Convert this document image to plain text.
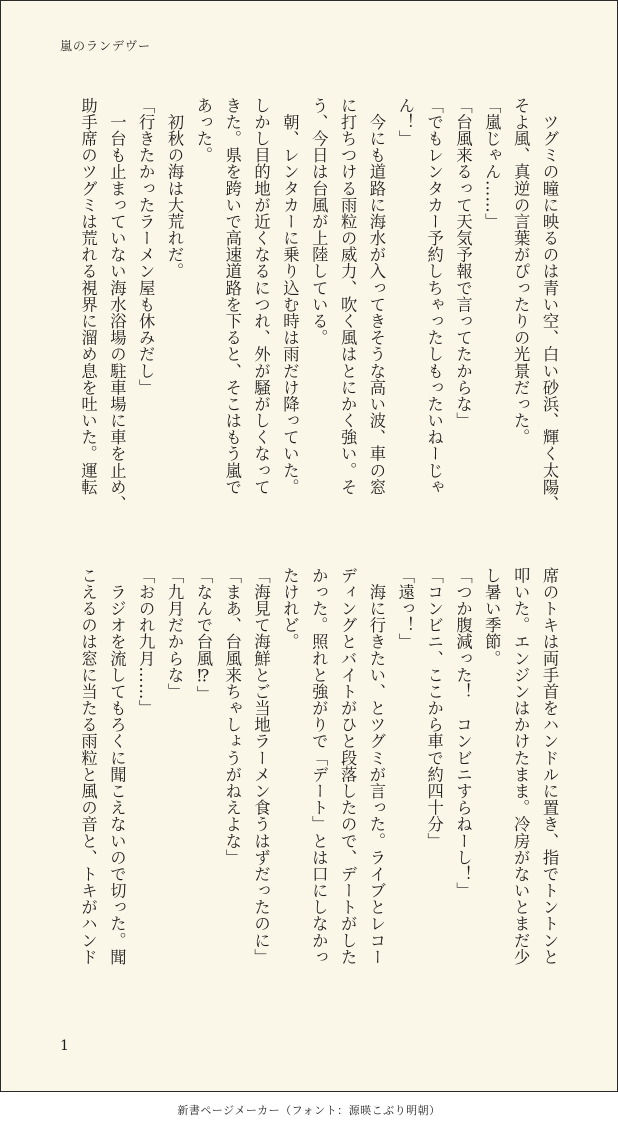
嵐のランデヴー
　ツグミの瞳に映るのは青い空、白い砂浜、輝く太陽、
そよ風、真逆の言葉がぴったりの光景だった。
「嵐じゃん……」
「台風来るって天気予報で言ってたからな」
「でもレンタカー予約しちゃったしもったいねーじゃ
ん！」
　今にも道路に海水が入ってきそうな高い波、車の窓
に打ちつける雨粒の威力、吹く風はとにかく強い。そ
う、今日は台風が上陸している。
　朝、レンタカーに乗り込む時は雨だけ降っていた。
しかし目的地が近くなるにつれ、外が騒がしくなって
きた。県を跨いで高速道路を下ると、そこはもう嵐で
あった。
　初秋の海は大荒れだ。
「行きたかったラーメン屋も休みだし」
　一台も止まっていない海水浴場の駐車場に車を止め、
助手席のツグミは荒れる視界に溜め息を吐いた。運転
席のトキは両手首をハンドルに置き、指でトントンと
叩いた。エンジンはかけたまま。冷房がないとまだ少
し暑い季節。
「つか腹減った！　コンビニすらねーし！」
「コンビニ、ここから車で約四十分」
「遠っ！」
　海に行きたい、とツグミが言った。ライブとレコー
ディングとバイトがひと段落したので、デートがした
かった。照れと強がりで「デート」とは口にしなかっ
たけれど。
「海見て海鮮とご当地ラーメン食うはずだったのに」
「まあ、台風来ちゃしょうがねえよな」
「なんで台風⁉」
「九月だからな」
「おのれ九月……」
　ラジオを流してもろくに聞こえないので切った。聞
こえるのは窓に当たる雨粒と風の音と、トキがハンド
1
新書ページメーカー（フォント：源暎こぶり明朝）
